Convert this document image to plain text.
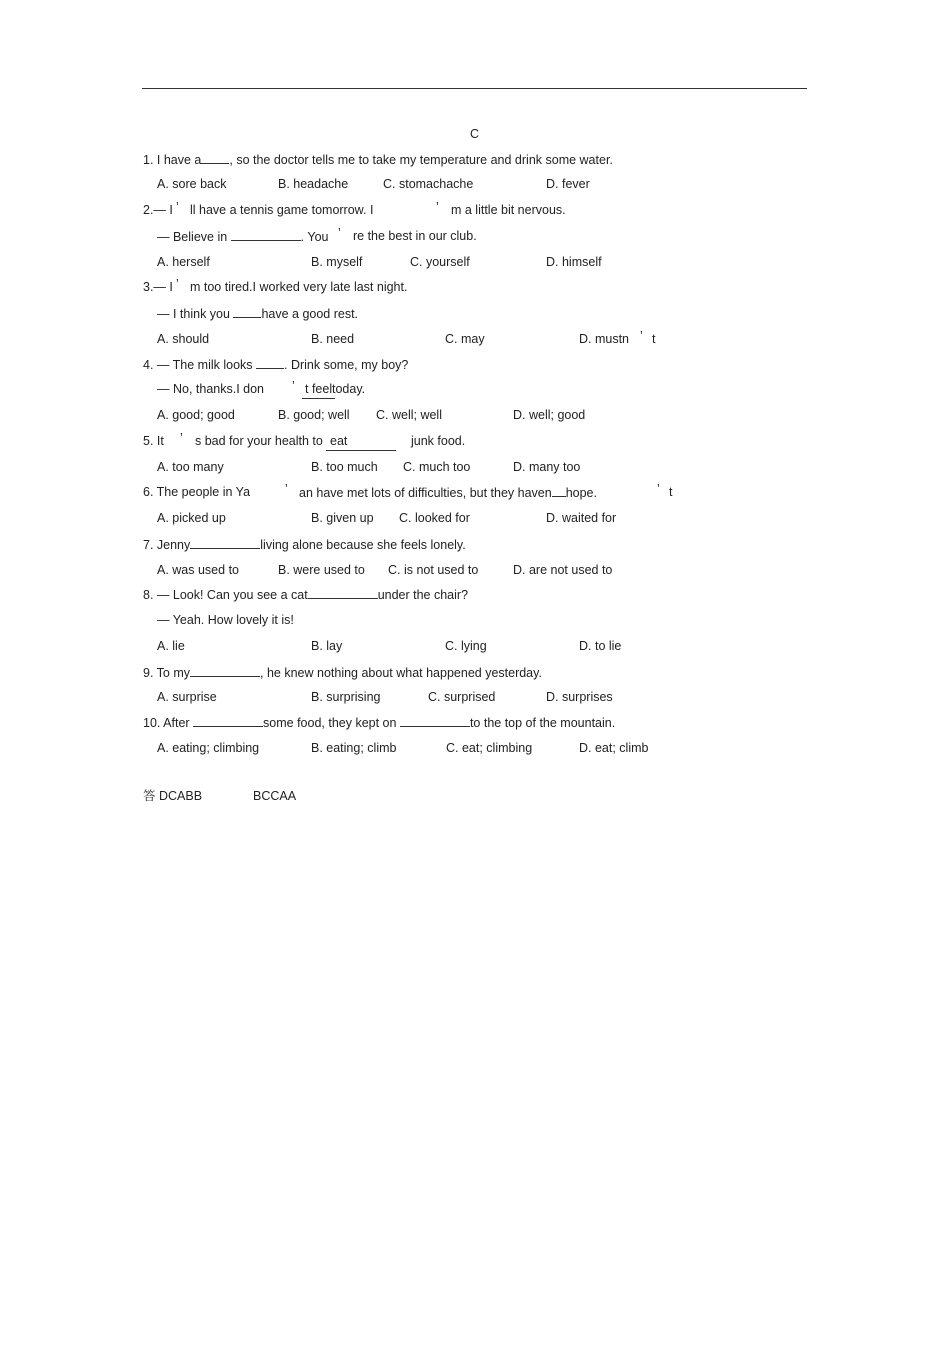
C
1. I have a , so the doctor tells me to take my temperature and drink some water.
A. sore back	B. headache	C. stomachache	D. fever
2.— I ’ ll have a tennis game tomorrow. I	’ m a little bit nervous.
— Believe in	. You ’ re the best in our club.
A. herself	B. myself	C. yourself	D. himself
3.— I ’ m too tired.I worked very late last night.
— I think you	have a good rest.
A. should	B. need	C. may	D. mustn ’ t
4. — The milk looks	. Drink some, my boy?
— No, thanks.I don ’ t feel today.
A. good; good	B. good; well C. well; well	D. well; good
5. It ’ s bad for your health to eat	junk food.
A. too many	B. too much C. much too	D. many too
6. The people in Ya	’ an have met lots of difficulties, but they haven hope.	’ t
A. picked up	B. given up C. looked for	D. waited for
7. Jenny	living alone because she feels lonely.
A. was used to	B. were used to C. is not used to	D. are not used to
8. — Look! Can you see a cat	under the chair?
— Yeah. How lovely it is!
A. lie	B. lay	C. lying	D. to lie
9. To my	, he knew nothing about what happened yesterday.
A. surprise	B. surprising	C. surprised	D. surprises
10. After	some food, they kept on	to the top of the mountain.
A. eating; climbing	B. eating; climb	C. eat; climbing	D. eat; climb
答 DCABB	BCCAA
